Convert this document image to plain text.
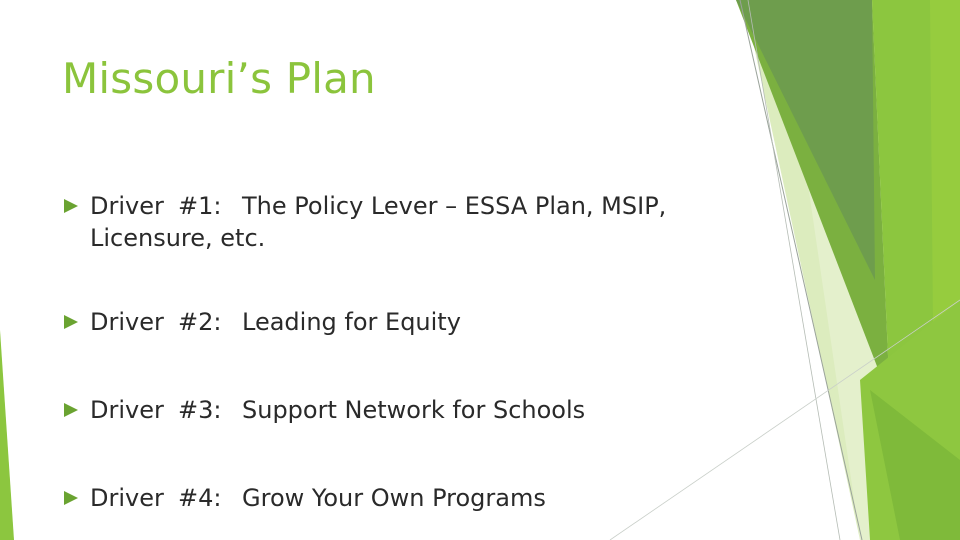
Missouri’s Plan
Driver #1: The Policy Lever – ESSA Plan, MSIP,
Licensure, etc.
Driver #2: Leading for Equity
Driver #3: Support Network for Schools
Driver #4: Grow Your Own Programs
